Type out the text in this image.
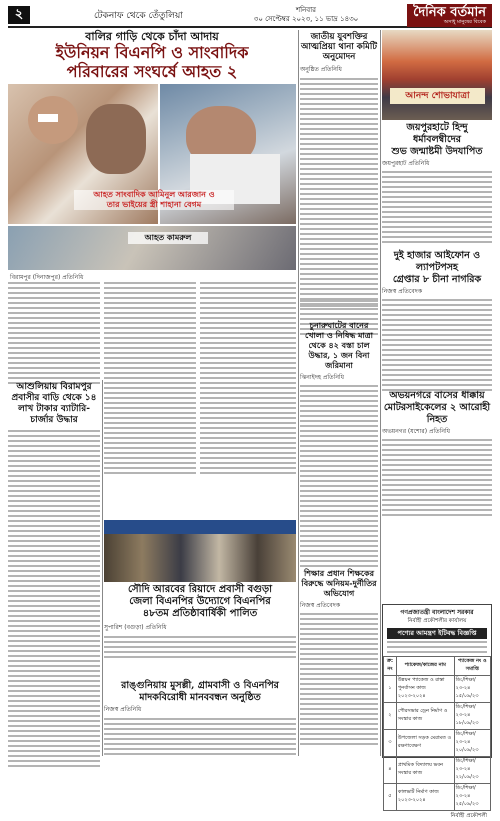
২	টেকনাফ থেকে তেঁতুলিয়া
শনিবার
৩০ সেপ্টেম্বর ২০২৩, ১১ ভাদ্র ১৪৩০	দৈনিক বর্তমান
অসাধু মানুষের বিবেক
বালির গাড়ি থেকে চাঁদা আদায়
ইউনিয়ন বিএনপি ও সাংবাদিক
পরিবারের সংঘর্ষে আহত ২
আহত সাংবাদিক আমিনুল আরজান ও
তার ভাইয়ের স্ত্রী শাহানা বেগম
আহত কামরুল
বিরামপুর (দিনাজপুর) প্রতিনিধি
আশুলিয়ায় বিরামপুর প্রবাসীর বাড়ি থেকে ১৪ লাখ টাকার ব্যাটারি-চার্জার উদ্ধার
সৌদি আরবের রিয়াদে প্রবাসী বগুড়া
জেলা বিএনপির উদ্যোগে বিএনপির
৪৮তম প্রতিষ্ঠাবার্ষিকী পালিত
সুপারিশ (বগুড়া) প্রতিনিধি
রাঙ্গুনিয়ায় মুসল্লী, গ্রামবাসী ও বিএনপির
মাদকবিরোধী মানববন্ধন অনুষ্ঠিত
নিজস্ব প্রতিনিধি
জাতীয় যুবশক্তির আত্মপ্রিয়া থানা কমিটি অনুমোদন
অনুষ্ঠিত প্রতিনিধি
আনন্দ শোভাযাত্রা
জয়পুরহাটে হিন্দু ধর্মাবলম্বীদের
শুভ জন্মাষ্টমী উদযাপিত
জয়পুরহাট প্রতিনিধি
চুনারুঘাটের বানের খোলা ও নিষিদ্ধ মাত্রা থেকে ৪২ বস্তা চাল উদ্ধার, ১ জন বিনা জরিমানা
ঝিনাইদহ প্রতিনিধি
দুই হাজার আইফোন ও ল্যাপটপসহ
গ্রেপ্তার ৮ চীনা নাগরিক
নিজস্ব প্রতিবেদক
অভয়নগরে বাসের ধাক্কায়
মোটরসাইকেলের ২ আরোহী নিহত
অভয়নগর (যশোর) প্রতিনিধি
শিক্ষার প্রধান শিক্ষকের বিরুদ্ধে অনিয়ম-দুর্নীতির অভিযোগ
নিজস্ব প্রতিবেদক
গণপ্রজাতন্ত্রী বাংলাদেশ সরকার
নির্বাহী প্রকৌশলীর কার্যালয়
পণ্যের আমন্ত্রণ ইটিবদ্ধ বিজ্ঞপ্তি
ক্র: নং	প্যাকেজ/কাজের নাম	প্যাকেজ নং ও সমাপ্তি
১	উন্নয়ন প্যাকেজ ও রাস্তা পুনর্বাসন কাজ ২০২৩-২০২৪	ডি:/শিক্ষা/২৩-২৪ ১৫/০৯/২৩
২	পৌরসভার ড্রেন নির্মাণ ও সংস্কার কাজ	ডি:/শিক্ষা/২৩-২৪ ১৮/০৯/২৩
৩	উপজেলা সড়ক মেরামত ও রক্ষণাবেক্ষণ	ডি:/শিক্ষা/২৩-২৪ ২০/০৯/২৩
৪	প্রাথমিক বিদ্যালয় ভবন সংস্কার কাজ	ডি:/শিক্ষা/২৩-২৪ ২২/০৯/২৩
৫	কালভার্ট নির্মাণ কাজ ২০২৩-২০২৪	ডি:/শিক্ষা/২৩-২৪ ২৫/০৯/২৩
নির্বাহী প্রকৌশলী
